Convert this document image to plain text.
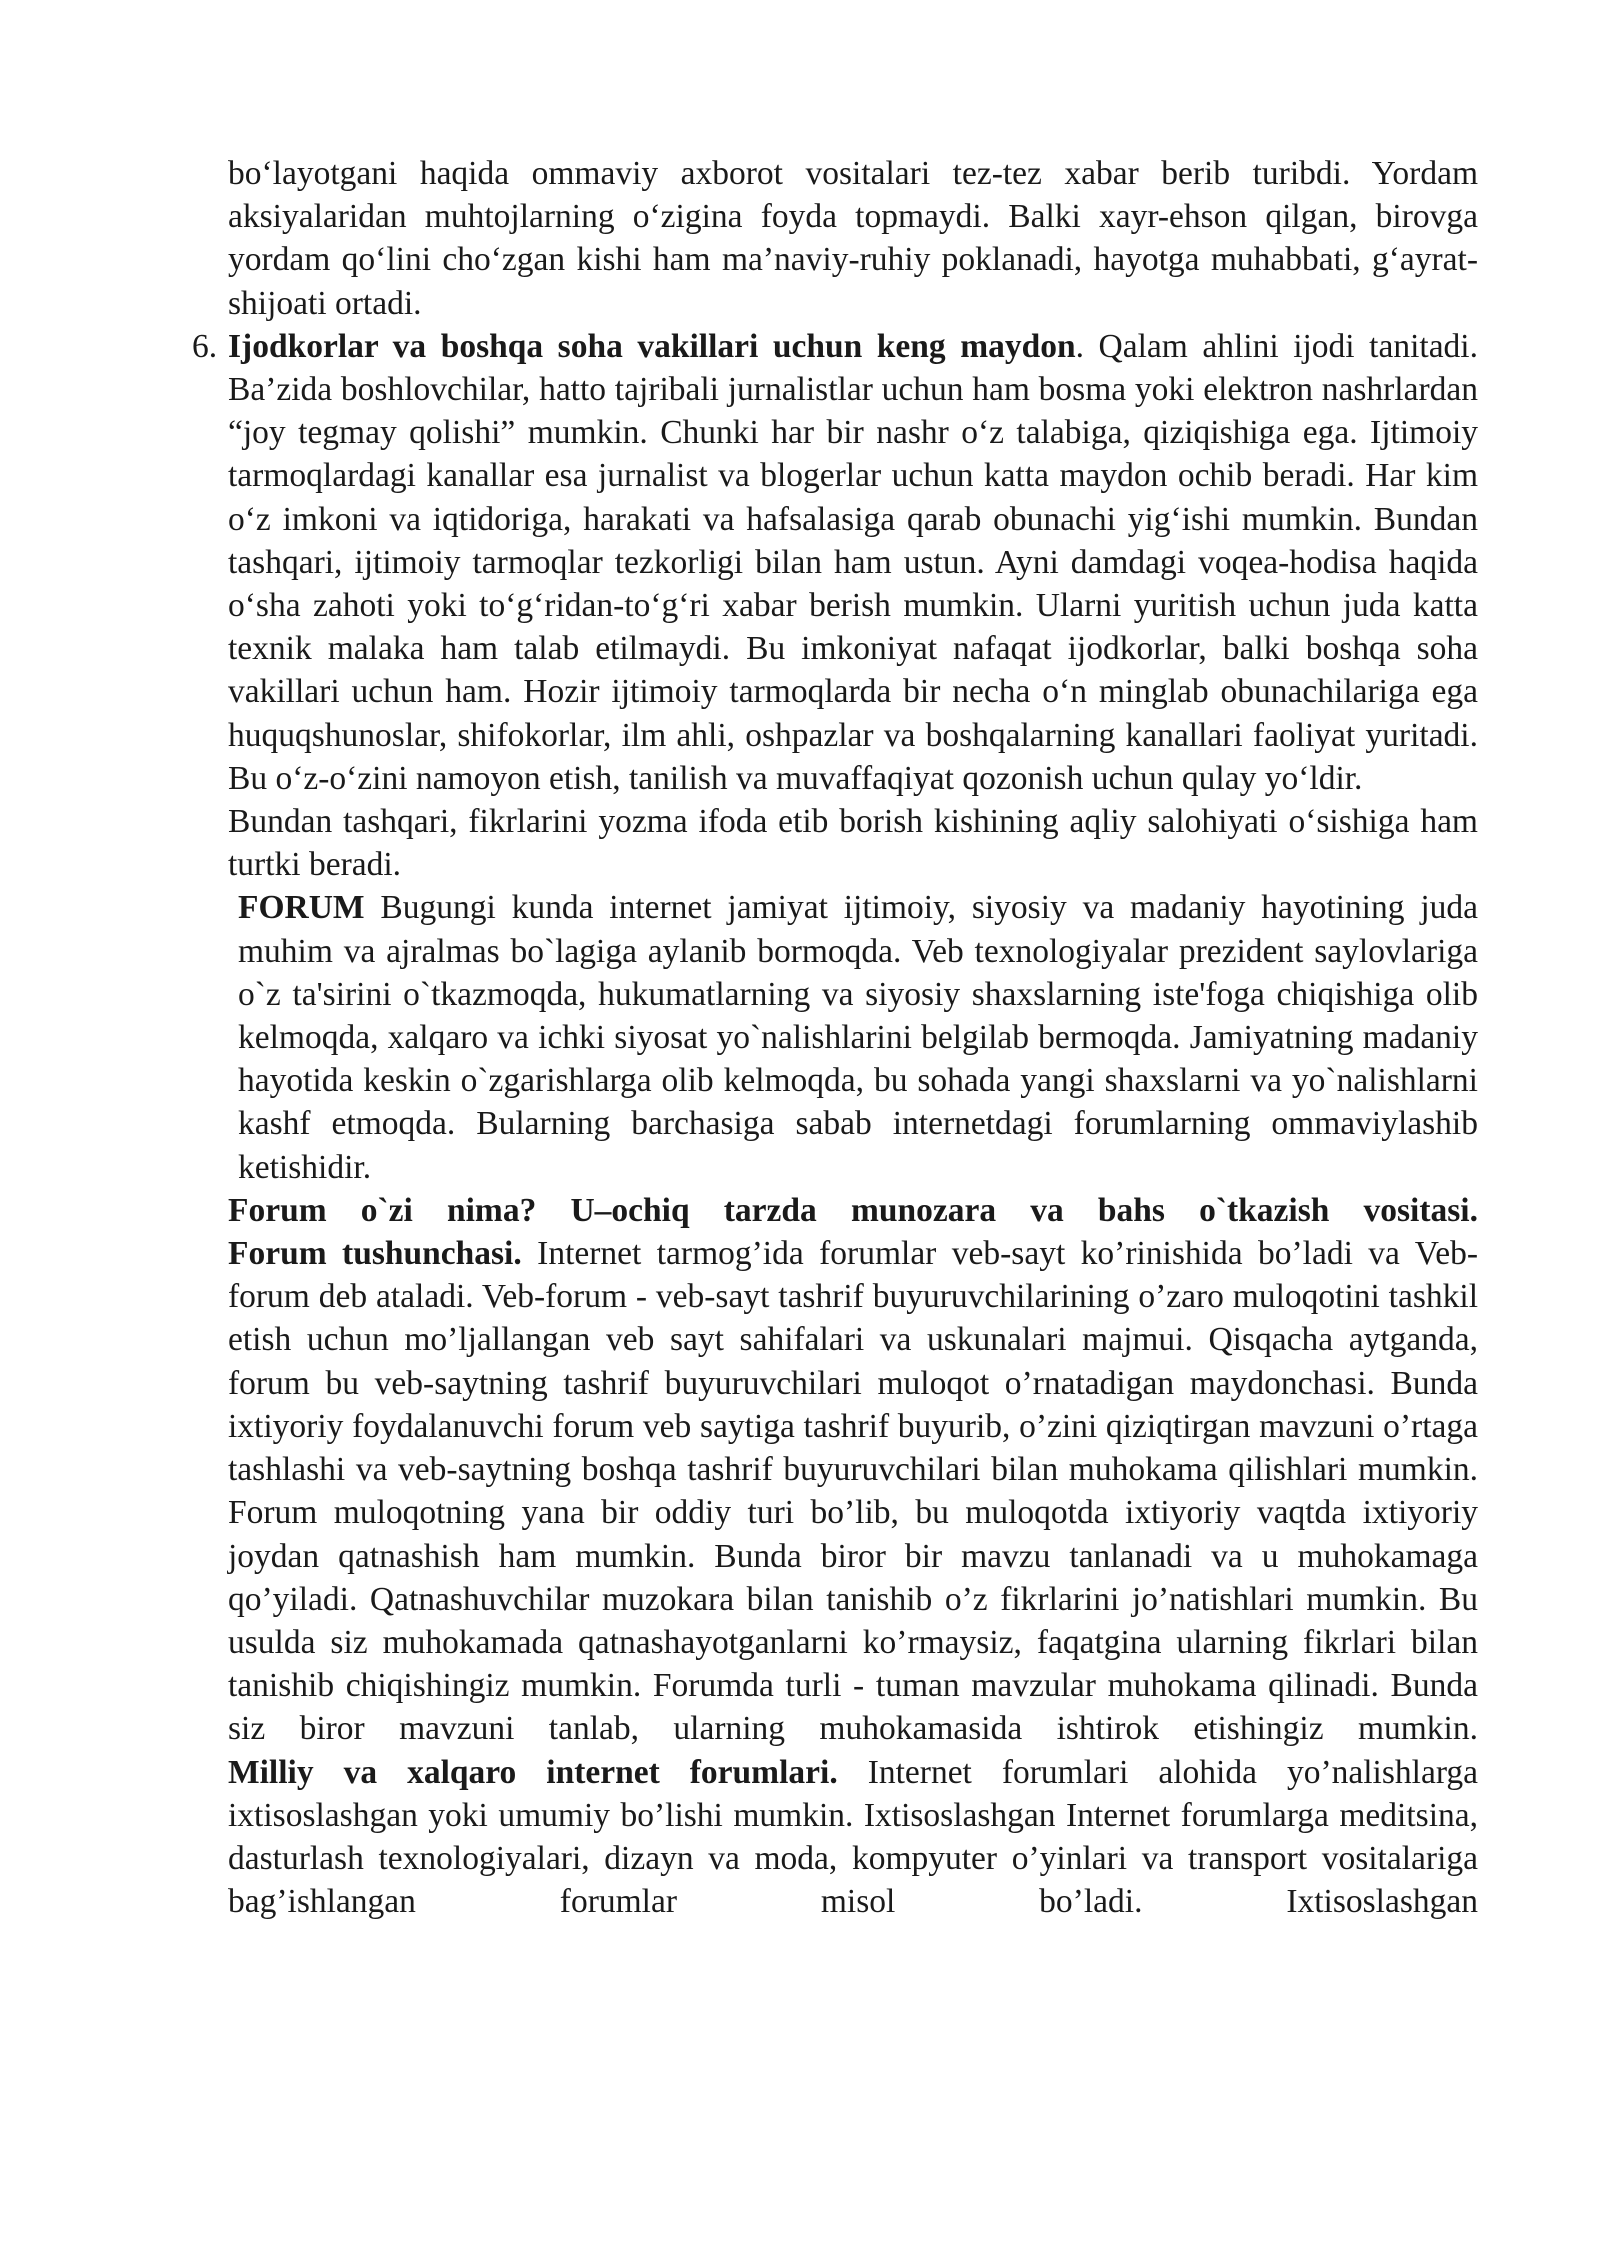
bo‘layotgani haqida ommaviy axborot vositalari tez-tez xabar berib turibdi. Yordam aksiyalaridan muhtojlarning o‘zigina foyda topmaydi. Balki xayr-ehson qilgan, birovga yordam qo‘lini cho‘zgan kishi ham ma’naviy-ruhiy poklanadi, hayotga muhabbati, g‘ayrat-shijoati ortadi.

6. Ijodkorlar va boshqa soha vakillari uchun keng maydon. Qalam ahlini ijodi tanitadi. Ba’zida boshlovchilar, hatto tajribali jurnalistlar uchun ham bosma yoki elektron nashrlardan “joy tegmay qolishi” mumkin. Chunki har bir nashr o‘z talabiga, qiziqishiga ega. Ijtimoiy tarmoqlardagi kanallar esa jurnalist va blogerlar uchun katta maydon ochib beradi. Har kim o‘z imkoni va iqtidoriga, harakati va hafsalasiga qarab obunachi yig‘ishi mumkin. Bundan tashqari, ijtimoiy tarmoqlar tezkorligi bilan ham ustun. Ayni damdagi voqea-hodisa haqida o‘sha zahoti yoki to‘g‘ridan-to‘g‘ri xabar berish mumkin. Ularni yuritish uchun juda katta texnik malaka ham talab etilmaydi. Bu imkoniyat nafaqat ijodkorlar, balki boshqa soha vakillari uchun ham. Hozir ijtimoiy tarmoqlarda bir necha o‘n minglab obunachilariga ega huquqshunoslar, shifokorlar, ilm ahli, oshpazlar va boshqalarning kanallari faoliyat yuritadi. Bu o‘z-o‘zini namoyon etish, tanilish va muvaffaqiyat qozonish uchun qulay yo‘ldir.

Bundan tashqari, fikrlarini yozma ifoda etib borish kishining aqliy salohiyati o‘sishiga ham turtki beradi.

FORUM Bugungi kunda internet jamiyat ijtimoiy, siyosiy va madaniy hayotining juda muhim va ajralmas bo`lagiga aylanib bormoqda. Veb texnologiyalar prezident saylovlariga o`z ta'sirini o`tkazmoqda, hukumatlarning va siyosiy shaxslarning iste'foga chiqishiga olib kelmoqda, xalqaro va ichki siyosat yo`nalishlarini belgilab bermoqda. Jamiyatning madaniy hayotida keskin o`zgarishlarga olib kelmoqda, bu sohada yangi shaxslarni va yo`nalishlarni kashf etmoqda. Bularning barchasiga sabab internetdagi forumlarning ommaviylashib ketishidir.

Forum o`zi nima? U–ochiq tarzda munozara va bahs o`tkazish vositasi.

Forum tushunchasi. Internet tarmog’ida forumlar veb-sayt ko’rinishida bo’ladi va Veb-forum deb ataladi. Veb-forum - veb-sayt tashrif buyuruvchilarining o’zaro muloqotini tashkil etish uchun mo’ljallangan veb sayt sahifalari va uskunalari majmui. Qisqacha aytganda, forum bu veb-saytning tashrif buyuruvchilari muloqot o’rnatadigan maydonchasi. Bunda ixtiyoriy foydalanuvchi forum veb saytiga tashrif buyurib, o’zini qiziqtirgan mavzuni o’rtaga tashlashi va veb-saytning boshqa tashrif buyuruvchilari bilan muhokama qilishlari mumkin.

Forum muloqotning yana bir oddiy turi bo’lib, bu muloqotda ixtiyoriy vaqtda ixtiyoriy joydan qatnashish ham mumkin. Bunda biror bir mavzu tanlanadi va u muhokamaga qo’yiladi. Qatnashuvchilar muzokara bilan tanishib o’z fikrlarini jo’natishlari mumkin. Bu usulda siz muhokamada qatnashayotganlarni ko’rmaysiz, faqatgina ularning fikrlari bilan tanishib chiqishingiz mumkin. Forumda turli - tuman mavzular muhokama qilinadi. Bunda siz biror mavzuni tanlab, ularning muhokamasida ishtirok etishingiz mumkin.

Milliy va xalqaro internet forumlari. Internet forumlari alohida yo’nalishlarga ixtisoslashgan yoki umumiy bo’lishi mumkin. Ixtisoslashgan Internet forumlarga meditsina, dasturlash texnologiyalari, dizayn va moda, kompyuter o’yinlari va transport vositalariga bag’ishlangan forumlar misol bo’ladi. Ixtisoslashgan
